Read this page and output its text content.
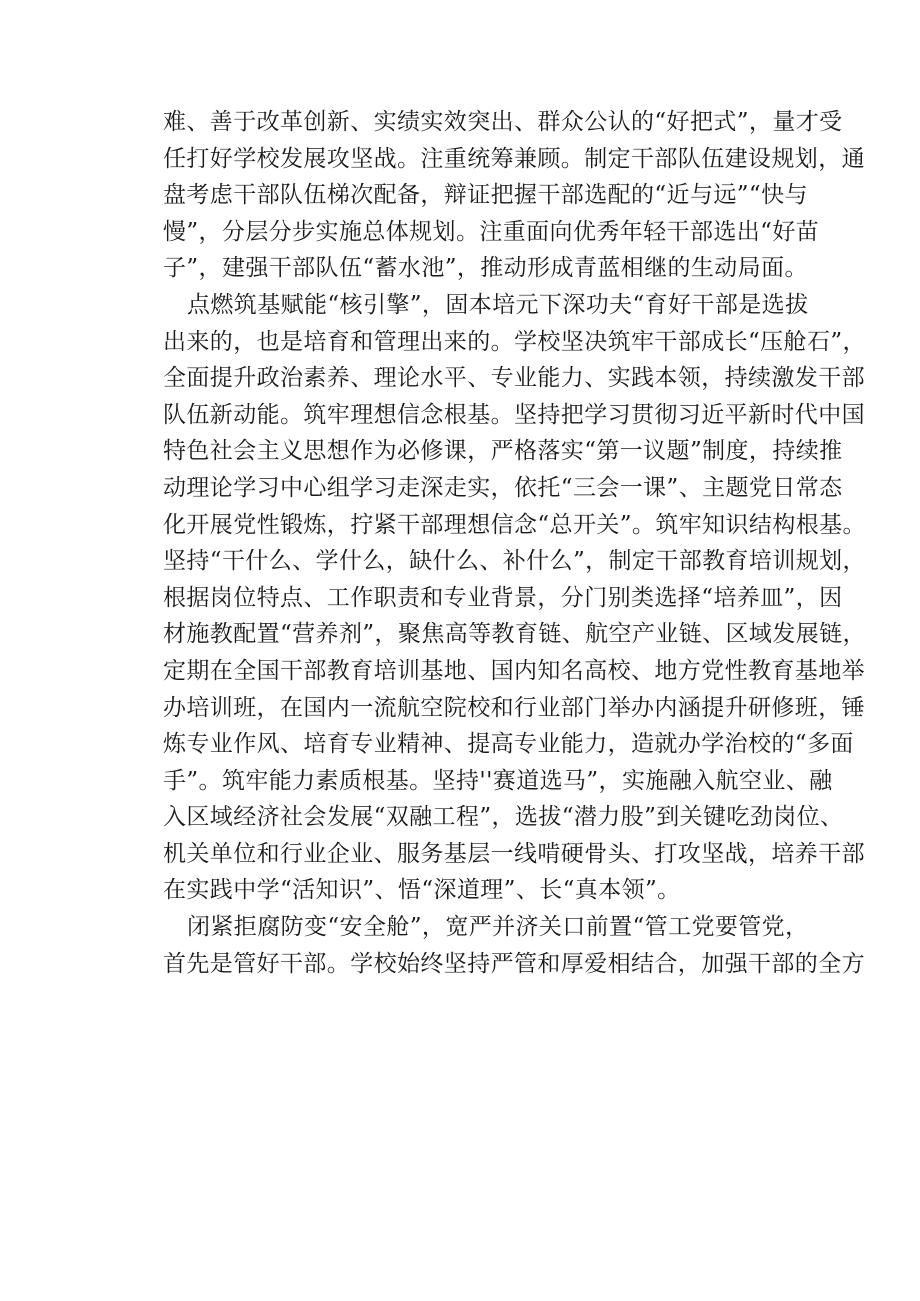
难、善于改革创新、实绩实效突出、群众公认的“好把式”，量才受
任打好学校发展攻坚战。注重统筹兼顾。制定干部队伍建设规划，通
盘考虑干部队伍梯次配备，辩证把握干部选配的“近与远”“快与
慢”，分层分步实施总体规划。注重面向优秀年轻干部选出“好苗
子”，建强干部队伍“蓄水池”，推动形成青蓝相继的生动局面。
点燃筑基赋能“核引擎”，固本培元下深功夫“育好干部是选拔
出来的，也是培育和管理出来的。学校坚决筑牢干部成长“压舱石”，
全面提升政治素养、理论水平、专业能力、实践本领，持续激发干部
队伍新动能。筑牢理想信念根基。坚持把学习贯彻习近平新时代中国
特色社会主义思想作为必修课，严格落实“第一议题”制度，持续推
动理论学习中心组学习走深走实，依托“三会一课”、主题党日常态
化开展党性锻炼，拧紧干部理想信念“总开关”。筑牢知识结构根基。
坚持“干什么、学什么，缺什么、补什么”，制定干部教育培训规划，
根据岗位特点、工作职责和专业背景，分门别类选择“培养皿”，因
材施教配置“营养剂”，聚焦高等教育链、航空产业链、区域发展链，
定期在全国干部教育培训基地、国内知名高校、地方党性教育基地举
办培训班，在国内一流航空院校和行业部门举办内涵提升研修班，锤
炼专业作风、培育专业精神、提高专业能力，造就办学治校的“多面
手”。筑牢能力素质根基。坚持''赛道选马”，实施融入航空业、融
入区域经济社会发展“双融工程”，选拔“潜力股”到关键吃劲岗位、
机关单位和行业企业、服务基层一线啃硬骨头、打攻坚战，培养干部
在实践中学“活知识”、悟“深道理”、长“真本领”。
闭紧拒腐防变“安全舱”，宽严并济关口前置“管工党要管党，
首先是管好干部。学校始终坚持严管和厚爱相结合，加强干部的全方
